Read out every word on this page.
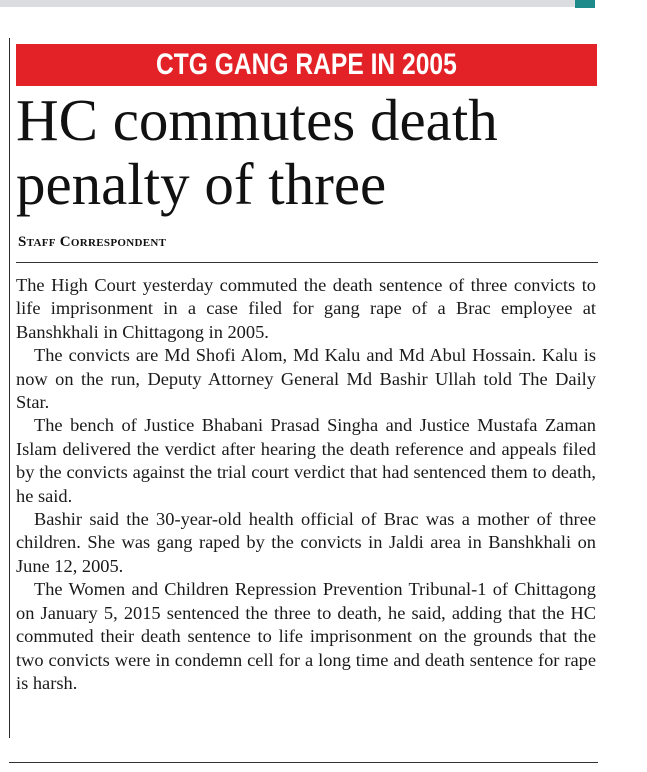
CTG GANG RAPE IN 2005
HC commutes death
penalty of three
Staff Correspondent

The High Court yesterday commuted the death sentence of three convicts to life imprisonment in a case filed for gang rape of a Brac employee at Banshkhali in Chittagong in 2005.

The convicts are Md Shofi Alom, Md Kalu and Md Abul Hossain. Kalu is now on the run, Deputy Attorney General Md Bashir Ullah told The Daily Star.

The bench of Justice Bhabani Prasad Singha and Justice Mustafa Zaman Islam delivered the verdict after hearing the death reference and appeals filed by the convicts against the trial court verdict that had sentenced them to death, he said.

Bashir said the 30-year-old health official of Brac was a mother of three children. She was gang raped by the convicts in Jaldi area in Banshkhali on June 12, 2005.

The Women and Children Repression Prevention Tribunal-1 of Chittagong on January 5, 2015 sentenced the three to death, he said, adding that the HC commuted their death sentence to life imprisonment on the grounds that the two convicts were in condemn cell for a long time and death sentence for rape is harsh.
